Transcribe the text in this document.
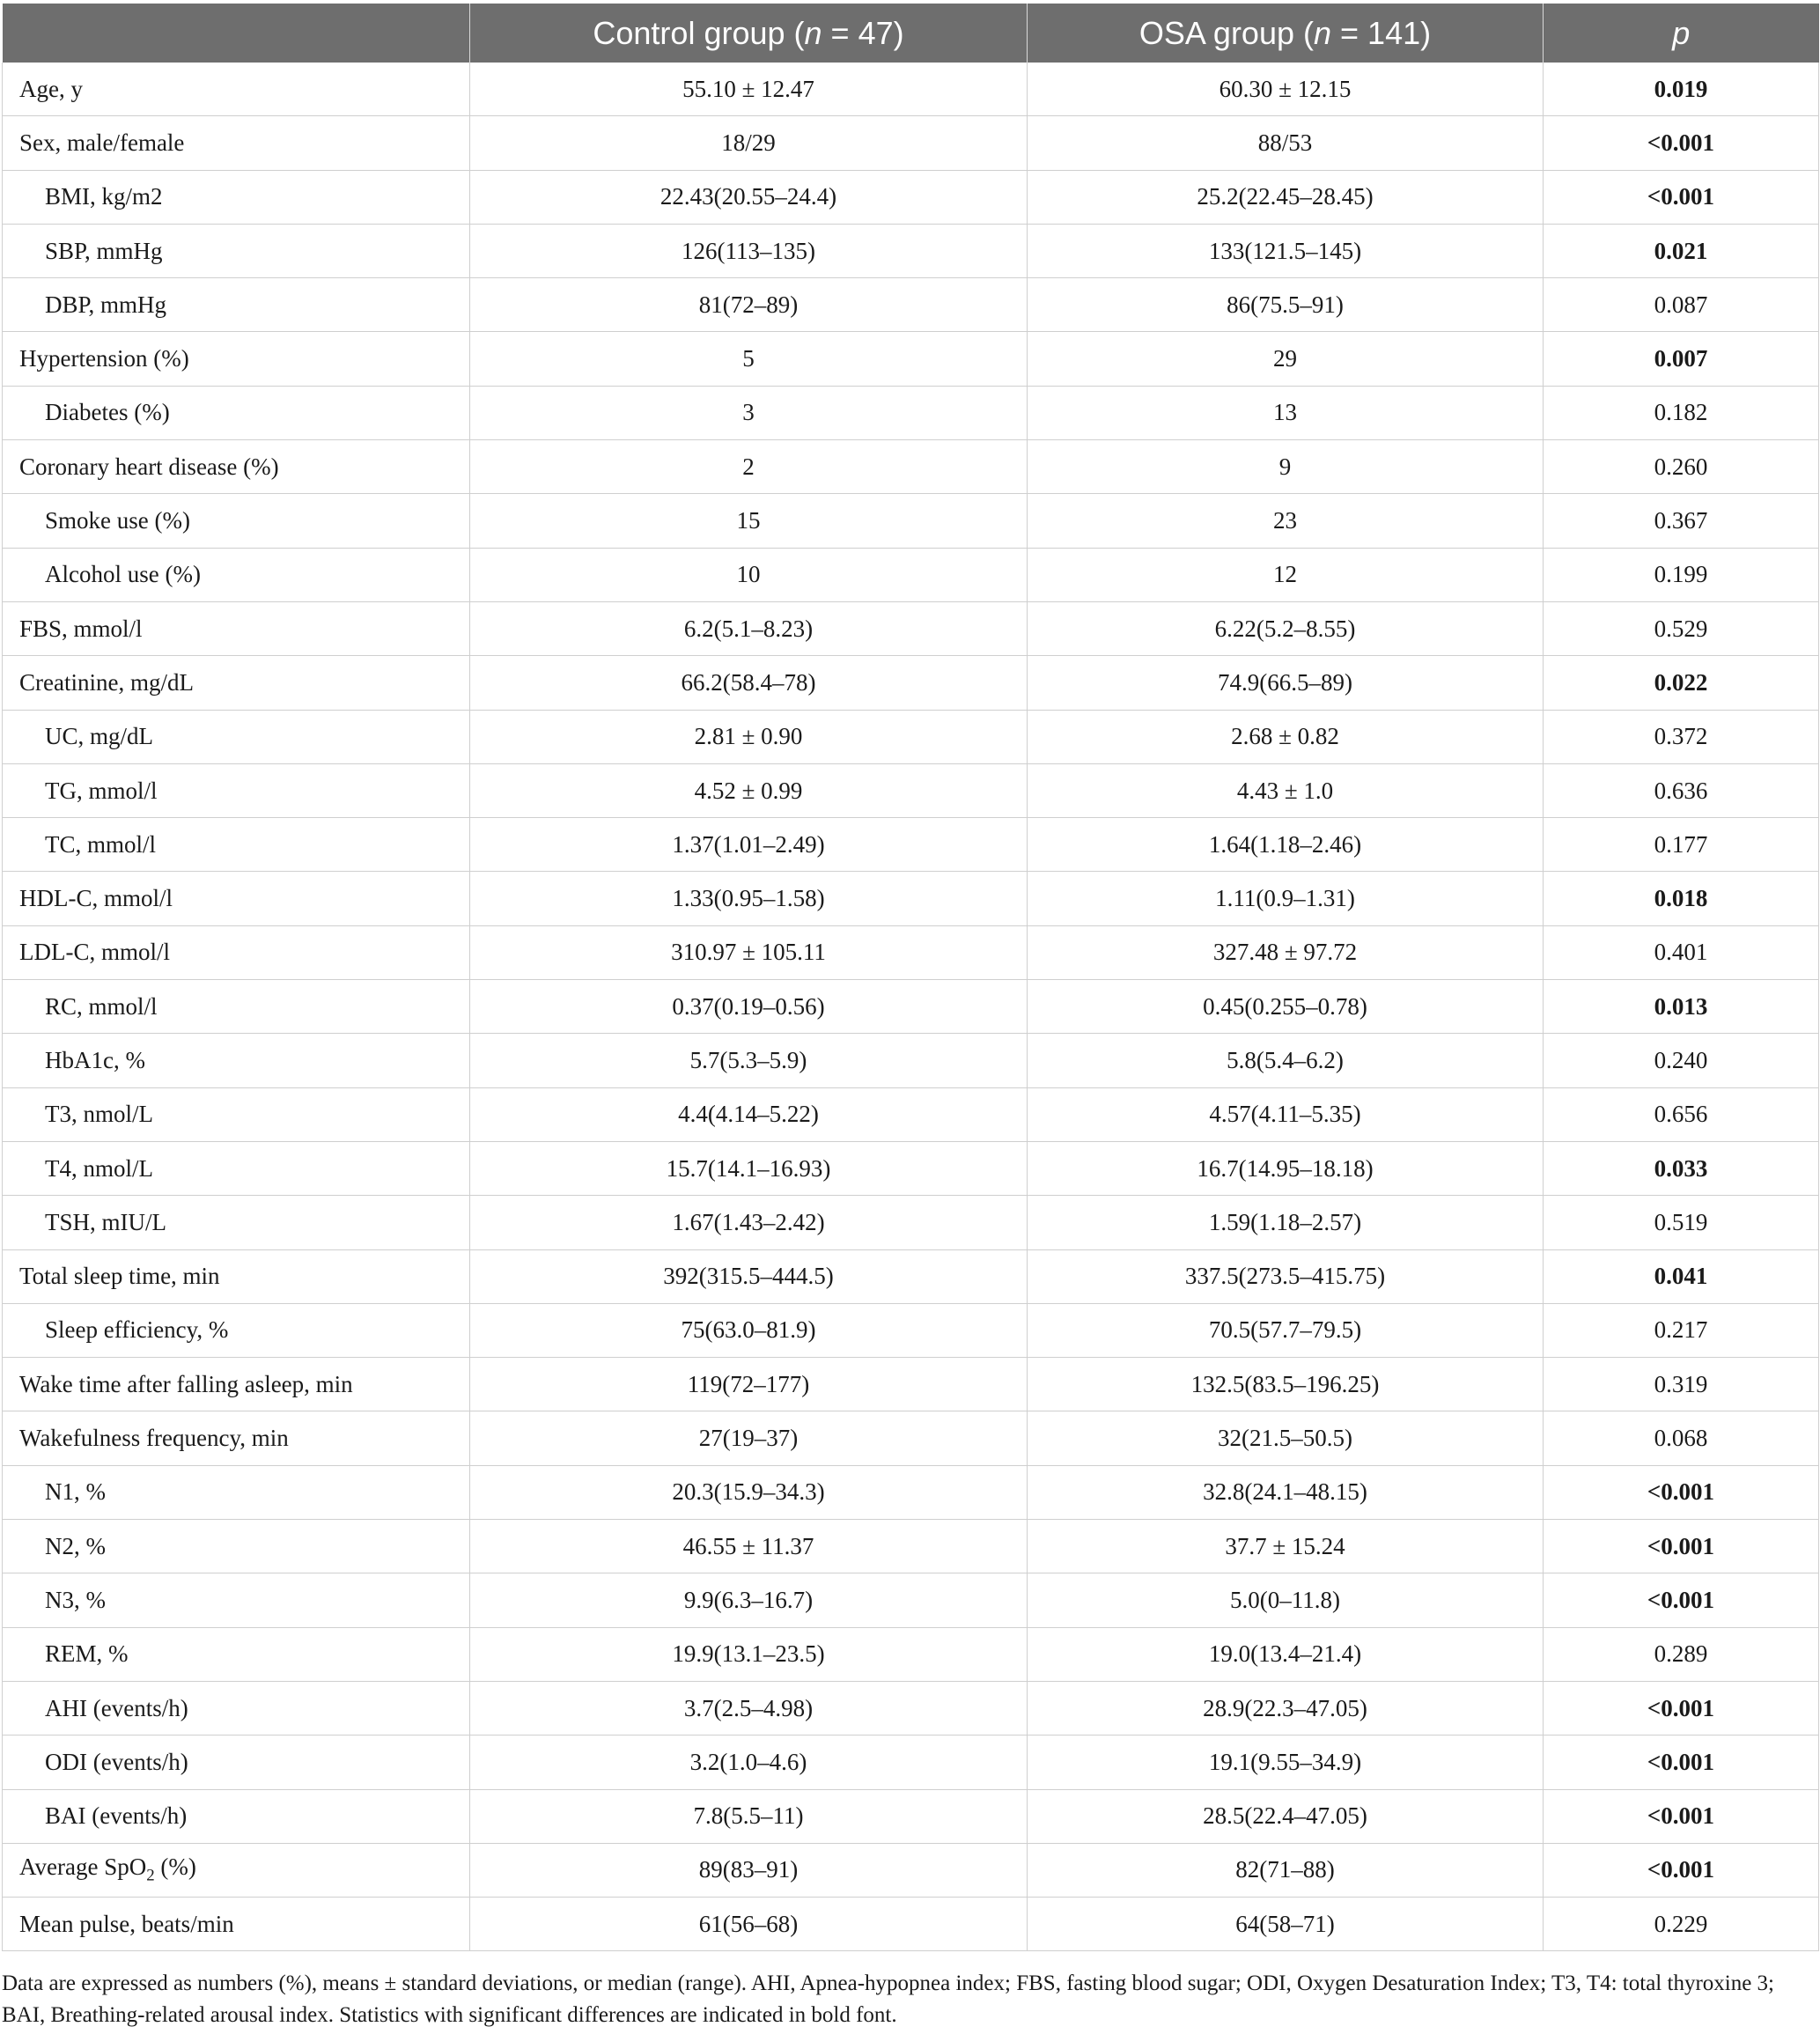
	Control group (n = 47)	OSA group (n = 141)	p
Age, y	55.10 ± 12.47	60.30 ± 12.15	0.019
Sex, male/female	18/29	88/53	<0.001
BMI, kg/m2	22.43(20.55–24.4)	25.2(22.45–28.45)	<0.001
SBP, mmHg	126(113–135)	133(121.5–145)	0.021
DBP, mmHg	81(72–89)	86(75.5–91)	0.087
Hypertension (%)	5	29	0.007
Diabetes (%)	3	13	0.182
Coronary heart disease (%)	2	9	0.260
Smoke use (%)	15	23	0.367
Alcohol use (%)	10	12	0.199
FBS, mmol/l	6.2(5.1–8.23)	6.22(5.2–8.55)	0.529
Creatinine, mg/dL	66.2(58.4–78)	74.9(66.5–89)	0.022
UC, mg/dL	2.81 ± 0.90	2.68 ± 0.82	0.372
TG, mmol/l	4.52 ± 0.99	4.43 ± 1.0	0.636
TC, mmol/l	1.37(1.01–2.49)	1.64(1.18–2.46)	0.177
HDL-C, mmol/l	1.33(0.95–1.58)	1.11(0.9–1.31)	0.018
LDL-C, mmol/l	310.97 ± 105.11	327.48 ± 97.72	0.401
RC, mmol/l	0.37(0.19–0.56)	0.45(0.255–0.78)	0.013
HbA1c, %	5.7(5.3–5.9)	5.8(5.4–6.2)	0.240
T3, nmol/L	4.4(4.14–5.22)	4.57(4.11–5.35)	0.656
T4, nmol/L	15.7(14.1–16.93)	16.7(14.95–18.18)	0.033
TSH, mIU/L	1.67(1.43–2.42)	1.59(1.18–2.57)	0.519
Total sleep time, min	392(315.5–444.5)	337.5(273.5–415.75)	0.041
Sleep efficiency, %	75(63.0–81.9)	70.5(57.7–79.5)	0.217
Wake time after falling asleep, min	119(72–177)	132.5(83.5–196.25)	0.319
Wakefulness frequency, min	27(19–37)	32(21.5–50.5)	0.068
N1, %	20.3(15.9–34.3)	32.8(24.1–48.15)	<0.001
N2, %	46.55 ± 11.37	37.7 ± 15.24	<0.001
N3, %	9.9(6.3–16.7)	5.0(0–11.8)	<0.001
REM, %	19.9(13.1–23.5)	19.0(13.4–21.4)	0.289
AHI (events/h)	3.7(2.5–4.98)	28.9(22.3–47.05)	<0.001
ODI (events/h)	3.2(1.0–4.6)	19.1(9.55–34.9)	<0.001
BAI (events/h)	7.8(5.5–11)	28.5(22.4–47.05)	<0.001
Average SpO$_2$ (%)	89(83–91)	82(71–88)	<0.001
Mean pulse, beats/min	61(56–68)	64(58–71)	0.229
Data are expressed as numbers (%), means ± standard deviations, or median (range). AHI, Apnea-hypopnea index; FBS, fasting blood sugar; ODI, Oxygen Desaturation Index; T3, T4: total thyroxine 3; BAI, Breathing-related arousal index. Statistics with significant differences are indicated in bold font.
